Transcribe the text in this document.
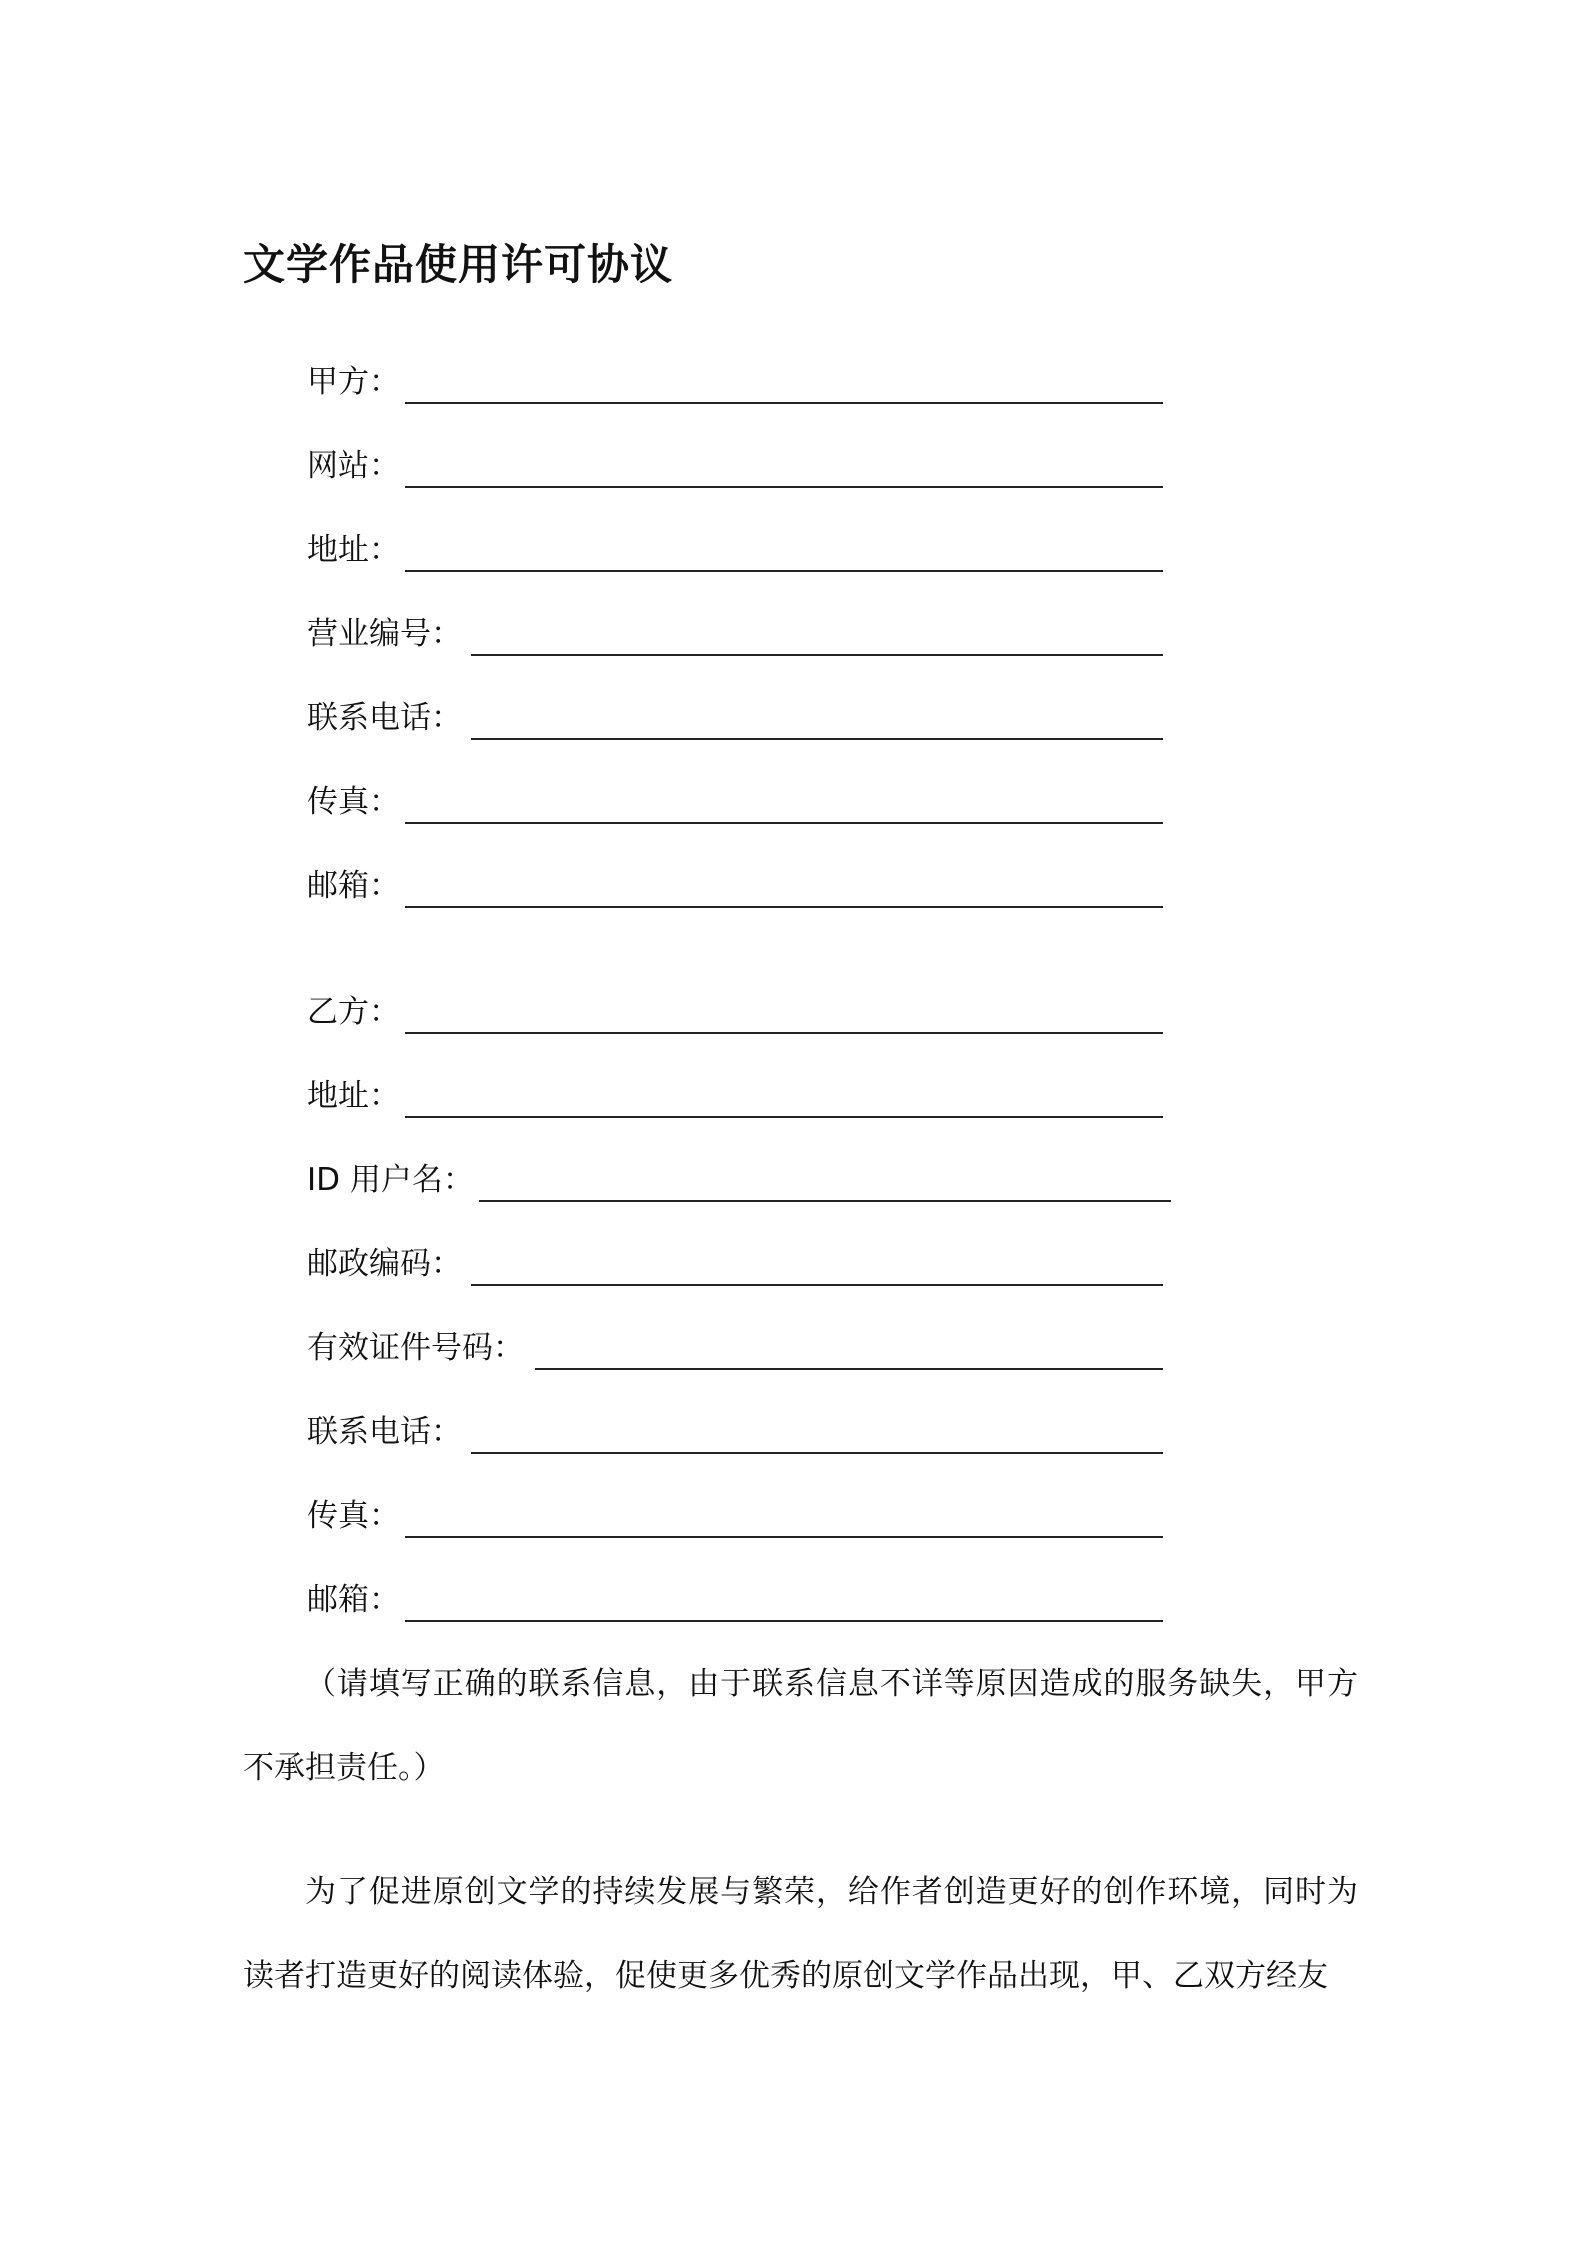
文学作品使用许可协议
甲方：
网站：
地址：
营业编号：
联系电话：
传真：
邮箱：
乙方：
地址：
ID 用户名：
邮政编码：
有效证件号码：
联系电话：
传真：
邮箱：
（请填写正确的联系信息，由于联系信息不详等原因造成的服务缺失，甲方不承担责任。）
为了促进原创文学的持续发展与繁荣，给作者创造更好的创作环境，同时为读者打造更好的阅读体验，促使更多优秀的原创文学作品出现，甲、乙双方经友
